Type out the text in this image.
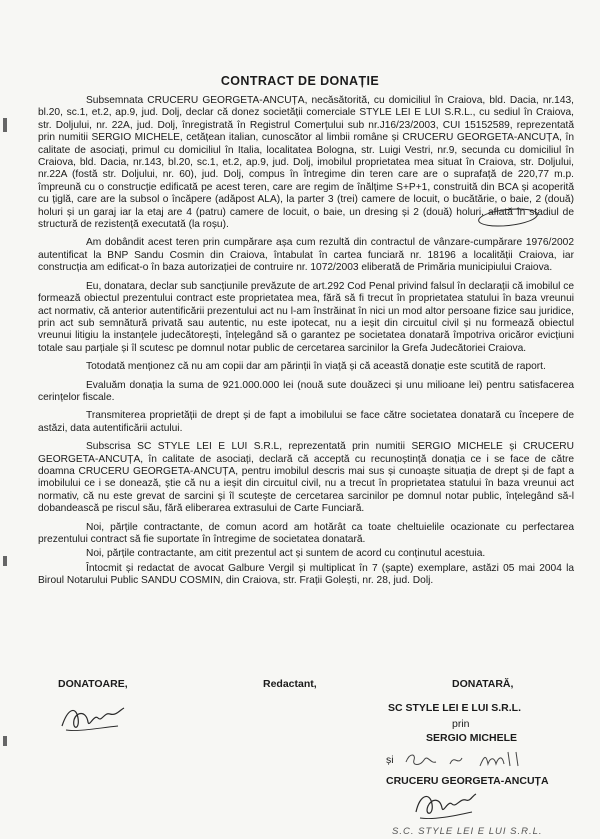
CONTRACT DE DONAȚIE

Subsemnata CRUCERU GEORGETA-ANCUȚA, necăsătorită, cu domiciliul în Craiova, bld. Dacia, nr.143, bl.20, sc.1, et.2, ap.9, jud. Dolj, declar că donez societății comerciale STYLE LEI E LUI S.R.L., cu sediul în Craiova, str. Doljului, nr. 22A, jud. Dolj, înregistrată în Registrul Comerțului sub nr.J16/23/2003, CUI 15152589, reprezentată prin numitii SERGIO MICHELE, cetățean italian, cunoscător al limbii române și CRUCERU GEORGETA-ANCUȚA, în calitate de asociați, primul cu domiciliul în Italia, localitatea Bologna, str. Luigi Vestri, nr.9, secunda cu domiciliul în Craiova, bld. Dacia, nr.143, bl.20, sc.1, et.2, ap.9, jud. Dolj, imobilul proprietatea mea situat în Craiova, str. Doljului, nr.22A (fostă str. Doljului, nr. 60), jud. Dolj, compus în întregime din teren care are o suprafață de 220,77 m.p. împreună cu o construcție edificată pe acest teren, care are regim de înălțime S+P+1, construită din BCA și acoperită cu țiglă, care are la subsol o încăpere (adăpost ALA), la parter 3 (trei) camere de locuit, o bucătărie, o baie, 2 (două) holuri și un garaj iar la etaj are 4 (patru) camere de locuit, o baie, un dresing și 2 (două) holuri, aflată în stadiul de structură de rezistență executată (la roșu).

Am dobândit acest teren prin cumpărare așa cum rezultă din contractul de vânzare-cumpărare 1976/2002 autentificat la BNP Sandu Cosmin din Craiova, întabulat în cartea funciară nr. 18196 a localității Craiova, iar construcția am edificat-o în baza autorizației de contruire nr. 1072/2003 eliberată de Primăria municipiului Craiova.

Eu, donatara, declar sub sancțiunile prevăzute de art.292 Cod Penal privind falsul în declarații că imobilul ce formează obiectul prezentului contract este proprietatea mea, fără să fi trecut în proprietatea statului în baza vreunui act normativ, că anterior autentificării prezentului act nu l-am înstrăinat în nici un mod altor persoane fizice sau juridice, prin act sub semnătură privată sau autentic, nu este ipotecat, nu a ieșit din circuitul civil și nu formează obiectul vreunui litigiu la instanțele judecătorești, înțelegând să o garantez pe societatea donatară împotriva oricăror evicțiuni totale sau parțiale și îl scutesc pe domnul notar public de cercetarea sarcinilor la Grefa Judecătoriei Craiova.

Totodată menționez că nu am copii dar am părinții în viață și că această donație este scutită de raport.

Evaluăm donația la suma de 921.000.000 lei (nouă sute douăzeci și unu milioane lei) pentru satisfacerea cerințelor fiscale.

Transmiterea proprietății de drept și de fapt a imobilului se face către societatea donatară cu începere de astăzi, data autentificării actului.

Subscrisa SC STYLE LEI E LUI S.R.L, reprezentată prin numitii SERGIO MICHELE și CRUCERU GEORGETA-ANCUȚA, în calitate de asociați, declară că acceptă cu recunoștință donația ce i se face de către doamna CRUCERU GEORGETA-ANCUȚA, pentru imobilul descris mai sus și cunoaște situația de drept și de fapt a imobilului ce i se donează, știe că nu a ieșit din circuitul civil, nu a trecut în proprietatea statului în baza vreunui act normativ, că nu este grevat de sarcini și îl scutește de cercetarea sarcinilor pe domnul notar public, înțelegând să-l dobandească pe riscul său, fără eliberarea extrasului de Carte Funciară.

Noi, părțile contractante, de comun acord am hotărât ca toate cheltuielile ocazionate cu perfectarea prezentului contract să fie suportate în întregime de societatea donatară.

Noi, părțile contractante, am citit prezentul act și suntem de acord cu conținutul acestuia.

Întocmit și redactat de avocat Galbure Vergil și multiplicat în 7 (șapte) exemplare, astăzi 05 mai 2004 la Biroul Notarului Public SANDU COSMIN, din Craiova, str. Frații Golești, nr. 28, jud. Dolj.

DONATOARE,	Redactant,	DONATARĂ,
SC STYLE LEI E LUI S.R.L.
prin
SERGIO MICHELE
și
CRUCERU GEORGETA-ANCUȚA
S.C. STYLE LEI E LUI S.R.L.
